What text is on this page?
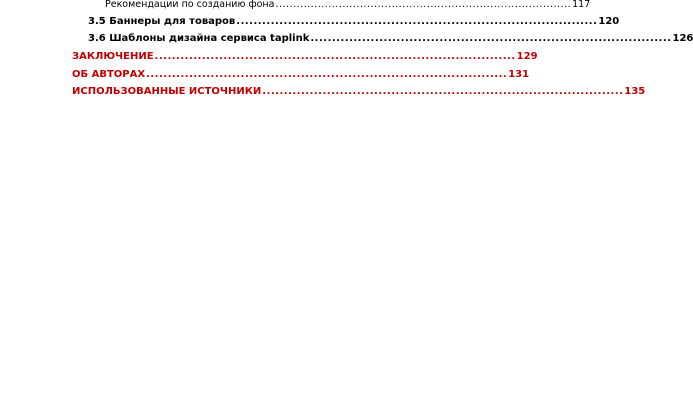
Рекомендации по созданию фона .................................................................................... 117
3.5 Баннеры для товаров .................................................................................... 120
3.6 Шаблоны дизайна сервиса taplink .................................................................................... 126
ЗАКЛЮЧЕНИЕ .................................................................................... 129
ОБ АВТОРАХ .................................................................................... 131
ИСПОЛЬЗОВАННЫЕ ИСТОЧНИКИ .................................................................................... 135
